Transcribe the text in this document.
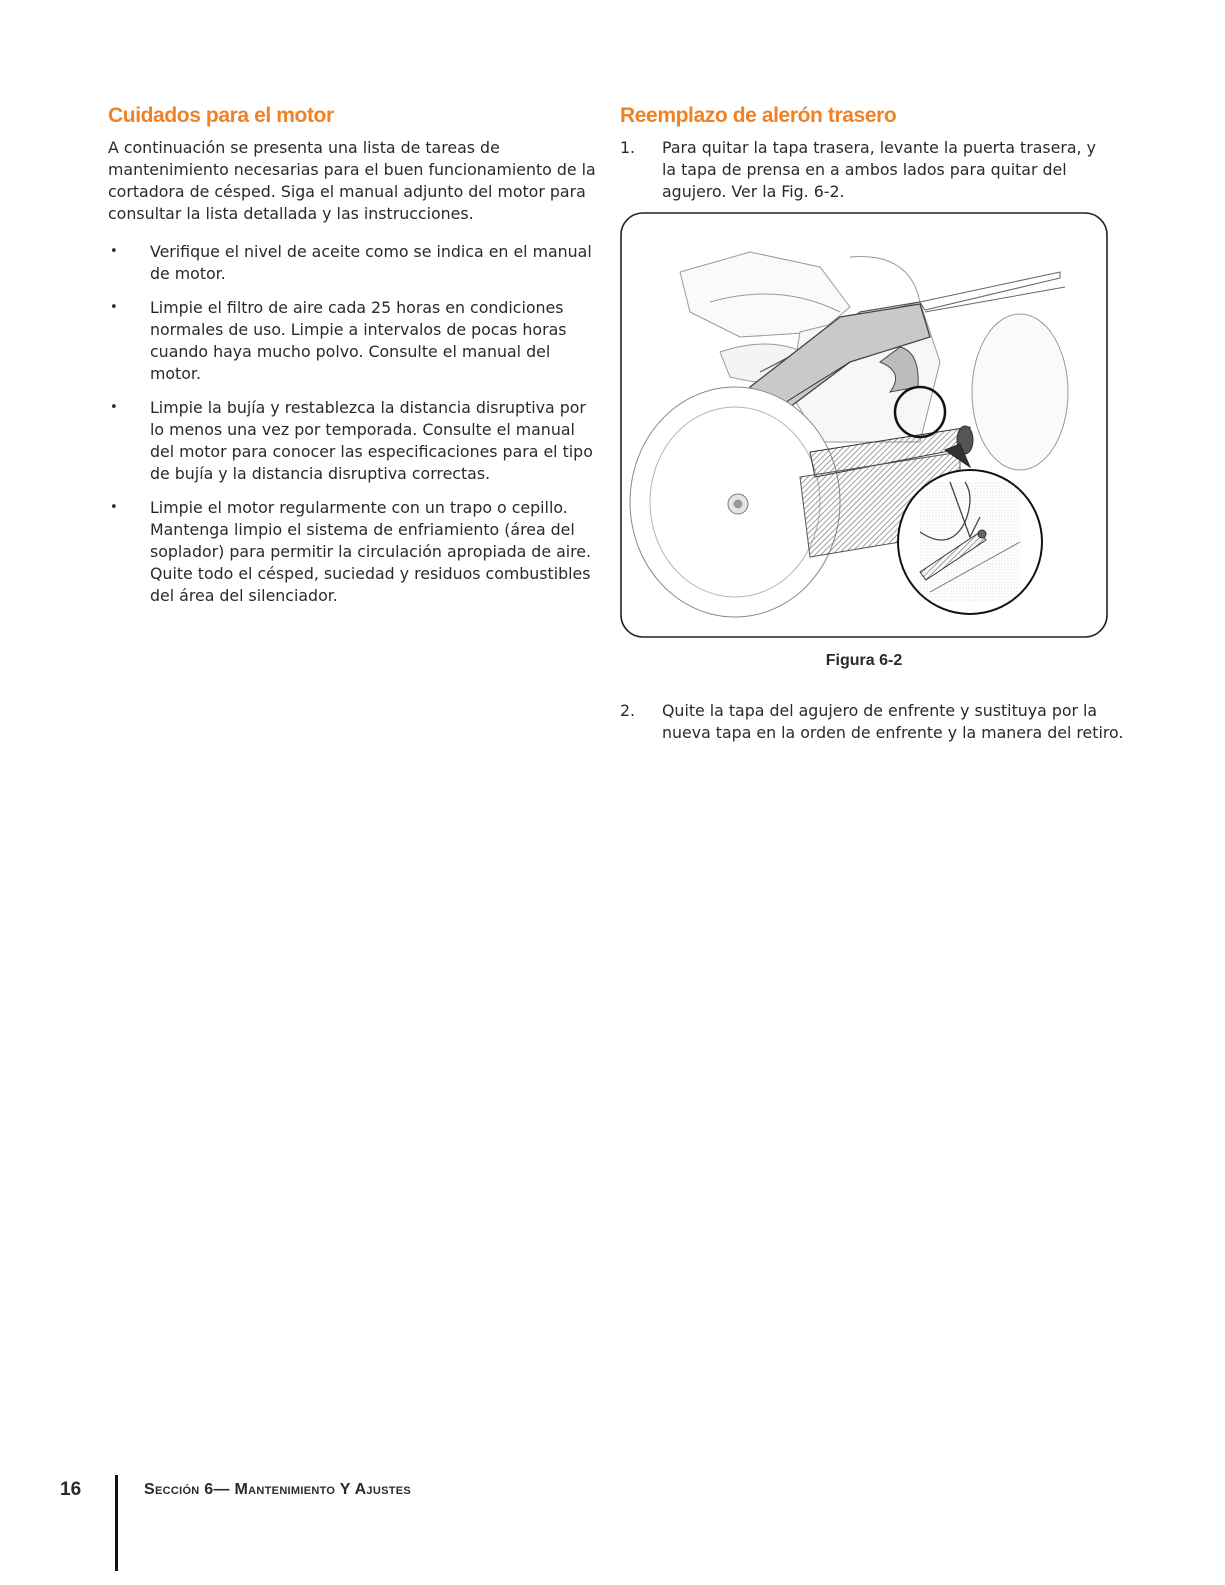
Cuidados para el motor

A continuación se presenta una lista de tareas de mantenimiento necesarias para el buen funcionamiento de la cortadora de césped. Siga el manual adjunto del motor para consultar la lista detallada y las instrucciones.

• Verifique el nivel de aceite como se indica en el manual de motor.
• Limpie el filtro de aire cada 25 horas en condiciones normales de uso. Limpie a intervalos de pocas horas cuando haya mucho polvo. Consulte el manual del motor.
• Limpie la bujía y restablezca la distancia disruptiva por lo menos una vez por temporada. Consulte el manual del motor para conocer las especificaciones para el tipo de bujía y la distancia disruptiva correctas.
• Limpie el motor regularmente con un trapo o cepillo. Mantenga limpio el sistema de enfriamiento (área del soplador) para permitir la circulación apropiada de aire. Quite todo el césped, suciedad y residuos combustibles del área del silenciador.
Reemplazo de alerón trasero
1. Para quitar la tapa trasera, levante la puerta trasera, y la tapa de prensa en a ambos lados para quitar del agujero. Ver la Fig. 6-2.
Figura 6-2
2. Quite la tapa del agujero de enfrente y sustituya por la nueva tapa en la orden de enfrente y la manera del retiro.
16	Sección 6— Mantenimiento Y Ajustes
